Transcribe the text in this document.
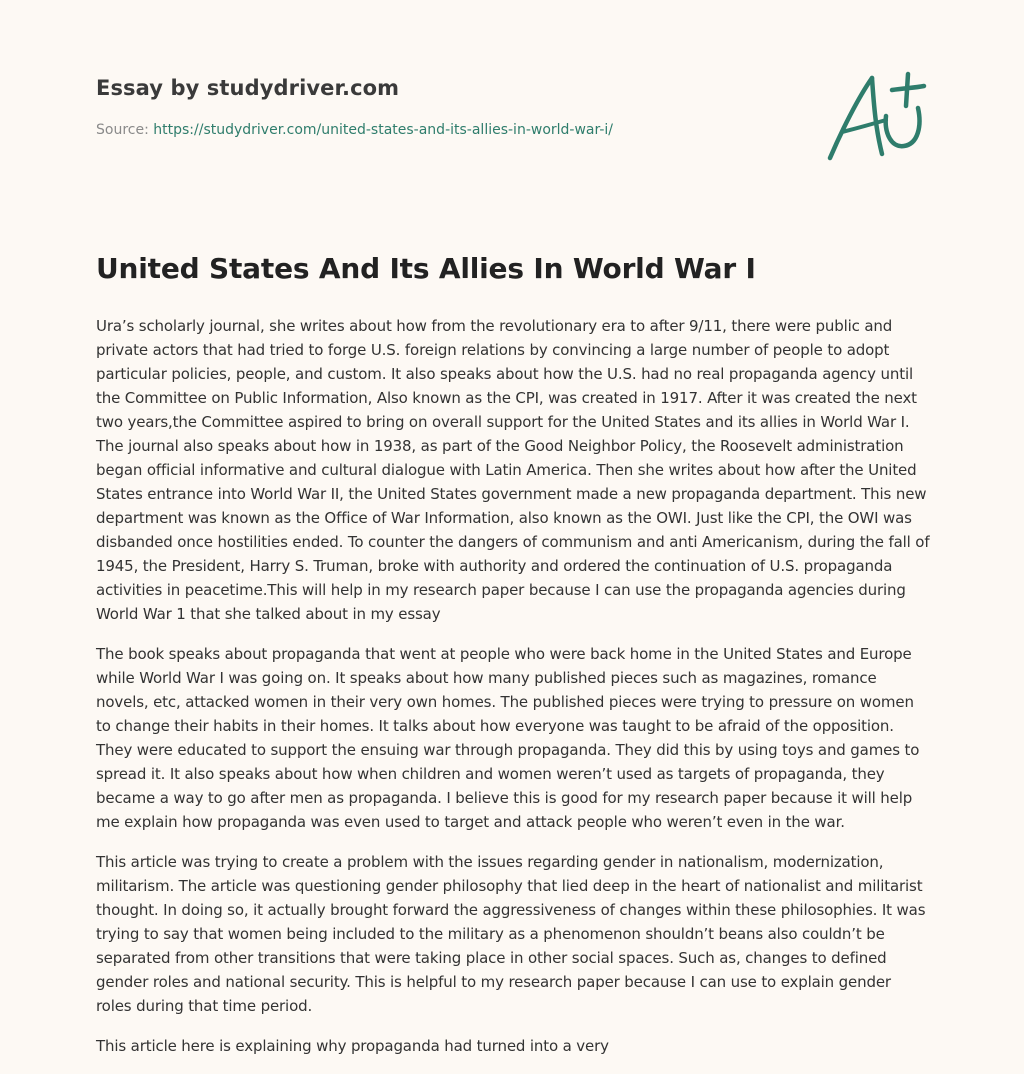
Essay by studydriver.com
Source: https://studydriver.com/united-states-and-its-allies-in-world-war-i/
United States And Its Allies In World War I

Ura’s scholarly journal, she writes about how from the revolutionary era to after 9/11, there were public and private actors that had tried to forge U.S. foreign relations by convincing a large number of people to adopt particular policies, people, and custom. It also speaks about how the U.S. had no real propaganda agency until the Committee on Public Information, Also known as the CPI, was created in 1917. After it was created the next two years,the Committee aspired to bring on overall support for the United States and its allies in World War I. The journal also speaks about how in 1938, as part of the Good Neighbor Policy, the Roosevelt administration began official informative and cultural dialogue with Latin America. Then she writes about how after the United States entrance into World War II, the United States government made a new propaganda department. This new department was known as the Office of War Information, also known as the OWI. Just like the CPI, the OWI was disbanded once hostilities ended. To counter the dangers of communism and anti Americanism, during the fall of 1945, the President, Harry S. Truman, broke with authority and ordered the continuation of U.S. propaganda activities in peacetime.This will help in my research paper because I can use the propaganda agencies during World War 1 that she talked about in my essay

The book speaks about propaganda that went at people who were back home in the United States and Europe while World War I was going on. It speaks about how many published pieces such as magazines, romance novels, etc, attacked women in their very own homes. The published pieces were trying to pressure on women to change their habits in their homes. It talks about how everyone was taught to be afraid of the opposition. They were educated to support the ensuing war through propaganda. They did this by using toys and games to spread it. It also speaks about how when children and women weren’t used as targets of propaganda, they became a way to go after men as propaganda. I believe this is good for my research paper because it will help me explain how propaganda was even used to target and attack people who weren’t even in the war.

This article was trying to create a problem with the issues regarding gender in nationalism, modernization, militarism. The article was questioning gender philosophy that lied deep in the heart of nationalist and militarist thought. In doing so, it actually brought forward the aggressiveness of changes within these philosophies. It was trying to say that women being included to the military as a phenomenon shouldn’t beans also couldn’t be separated from other transitions that were taking place in other social spaces. Such as, changes to defined gender roles and national security. This is helpful to my research paper because I can use to explain gender roles during that time period.

This article here is explaining why propaganda had turned into a very
